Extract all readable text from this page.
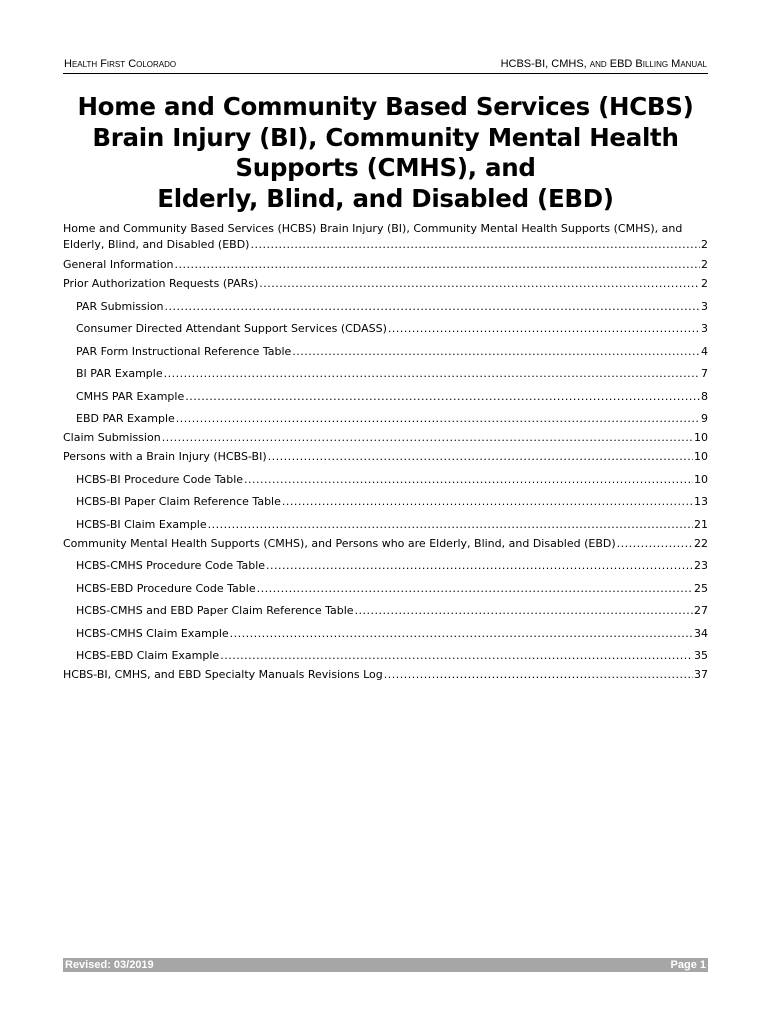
Health First Colorado	HCBS-BI, CMHS, and EBD Billing Manual
Home and Community Based Services (HCBS)
Brain Injury (BI), Community Mental Health
Supports (CMHS), and
Elderly, Blind, and Disabled (EBD)
Home and Community Based Services (HCBS) Brain Injury (BI), Community Mental Health Supports (CMHS), and
Elderly, Blind, and Disabled (EBD) .....	2
General Information .....	2
Prior Authorization Requests (PARs) .....	2
PAR Submission .....	3
Consumer Directed Attendant Support Services (CDASS) .....	3
PAR Form Instructional Reference Table .....	4
BI PAR Example .....	7
CMHS PAR Example .....	8
EBD PAR Example .....	9
Claim Submission .....	10
Persons with a Brain Injury (HCBS-BI) .....	10
HCBS-BI Procedure Code Table .....	10
HCBS-BI Paper Claim Reference Table .....	13
HCBS-BI Claim Example .....	21
Community Mental Health Supports (CMHS), and Persons who are Elderly, Blind, and Disabled (EBD) .....	22
HCBS-CMHS Procedure Code Table .....	23
HCBS-EBD Procedure Code Table .....	25
HCBS-CMHS and EBD Paper Claim Reference Table .....	27
HCBS-CMHS Claim Example .....	34
HCBS-EBD Claim Example .....	35
HCBS-BI, CMHS, and EBD Specialty Manuals Revisions Log .....	37
Revised: 03/2019	Page 1
